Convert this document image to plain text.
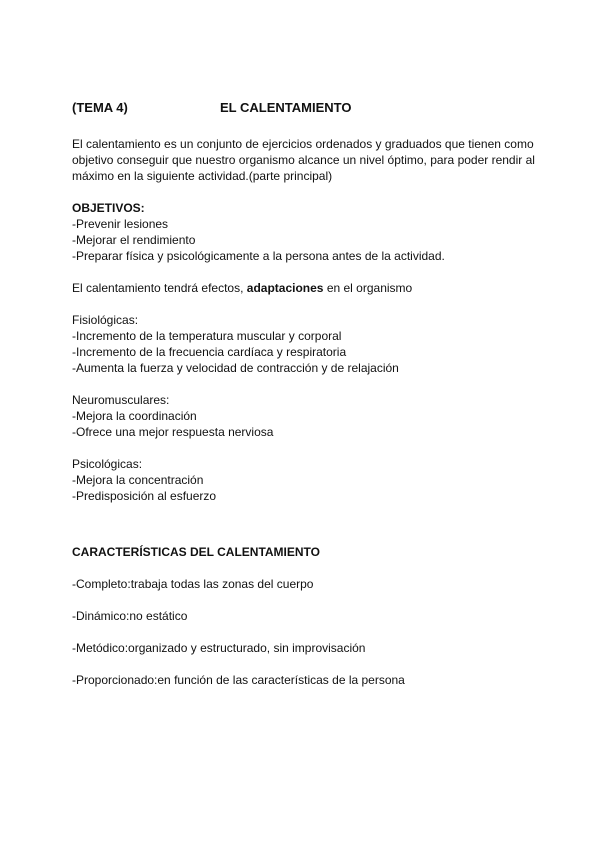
(TEMA 4)	EL CALENTAMIENTO

El calentamiento es un conjunto de ejercicios ordenados y graduados que tienen como objetivo conseguir que nuestro organismo alcance un nivel óptimo, para poder rendir al máximo en la siguiente actividad.(parte principal)

OBJETIVOS:
-Prevenir lesiones
-Mejorar el rendimiento
-Preparar física y psicológicamente a la persona antes de la actividad.

El calentamiento tendrá efectos, adaptaciones en el organismo

Fisiológicas:
-Incremento de la temperatura muscular y corporal
-Incremento de la frecuencia cardíaca y respiratoria
-Aumenta la fuerza y velocidad de contracción y de relajación
Neuromusculares:
-Mejora la coordinación
-Ofrece una mejor respuesta nerviosa
Psicológicas:
-Mejora la concentración
-Predisposición al esfuerzo
CARACTERÍSTICAS DEL CALENTAMIENTO
-Completo:trabaja todas las zonas del cuerpo
-Dinámico:no estático
-Metódico:organizado y estructurado, sin improvisación
-Proporcionado:en función de las características de la persona
